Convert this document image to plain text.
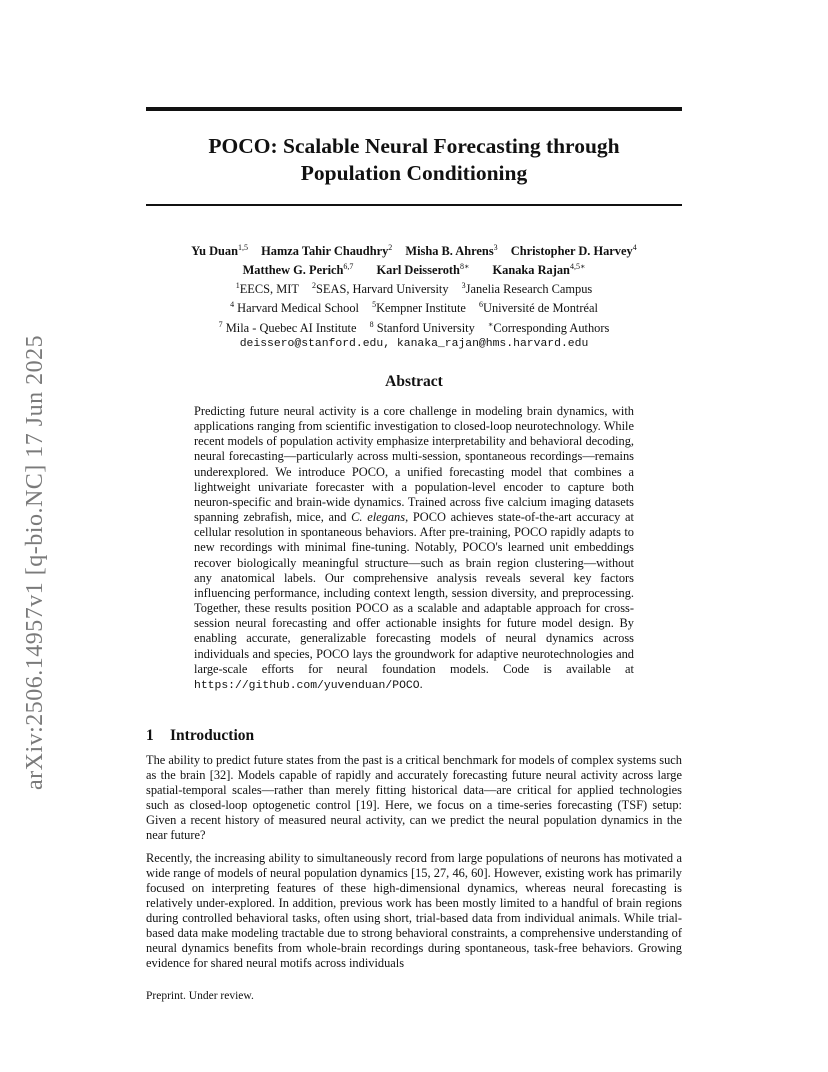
arXiv:2506.14957v1 [q-bio.NC] 17 Jun 2025
POCO: Scalable Neural Forecasting through
Population Conditioning
Yu Duan$^{1,5}$ Hamza Tahir Chaudhry$^2$ Misha B. Ahrens$^3$ Christopher D. Harvey$^4$
Matthew G. Perich$^{6,7}$ Karl Deisseroth$^{8∗}$ Kanaka Rajan$^{4,5∗}$
$^1$EECS, MIT $^2$SEAS, Harvard University $^3$Janelia Research Campus
$^4$ Harvard Medical School $^5$Kempner Institute $^6$Université de Montréal
$^7$ Mila - Quebec AI Institute $^8$ Stanford University ∗Corresponding Authors
deissero@stanford.edu, kanaka_rajan@hms.harvard.edu
Abstract
Predicting future neural activity is a core challenge in modeling brain dynamics, with applications ranging from scientific investigation to closed-loop neurotechnology. While recent models of population activity emphasize interpretability and behavioral decoding, neural forecasting—particularly across multi-session, spontaneous recordings—remains underexplored. We introduce POCO, a unified forecasting model that combines a lightweight univariate forecaster with a population-level encoder to capture both neuron-specific and brain-wide dynamics. Trained across five calcium imaging datasets spanning zebrafish, mice, and C. elegans, POCO achieves state-of-the-art accuracy at cellular resolution in spontaneous behaviors. After pre-training, POCO rapidly adapts to new recordings with minimal fine-tuning. Notably, POCO's learned unit embeddings recover biologically meaningful structure—such as brain region clustering—without any anatomical labels. Our comprehensive analysis reveals several key factors influencing performance, including context length, session diversity, and preprocessing. Together, these results position POCO as a scalable and adaptable approach for cross-session neural forecasting and offer actionable insights for future model design. By enabling accurate, generalizable forecasting models of neural dynamics across individuals and species, POCO lays the groundwork for adaptive neurotechnologies and large-scale efforts for neural foundation models. Code is available at https://github.com/yuvenduan/POCO.
1 Introduction

The ability to predict future states from the past is a critical benchmark for models of complex systems such as the brain [32]. Models capable of rapidly and accurately forecasting future neural activity across large spatial-temporal scales—rather than merely fitting historical data—are critical for applied technologies such as closed-loop optogenetic control [19]. Here, we focus on a time-series forecasting (TSF) setup: Given a recent history of measured neural activity, can we predict the neural population dynamics in the near future?

Recently, the increasing ability to simultaneously record from large populations of neurons has motivated a wide range of models of neural population dynamics [15, 27, 46, 60]. However, existing work has primarily focused on interpreting features of these high-dimensional dynamics, whereas neural forecasting is relatively under-explored. In addition, previous work has been mostly limited to a handful of brain regions during controlled behavioral tasks, often using short, trial-based data from individual animals. While trial-based data make modeling tractable due to strong behavioral constraints, a comprehensive understanding of neural dynamics benefits from whole-brain recordings during spontaneous, task-free behaviors. Growing evidence for shared neural motifs across individuals

Preprint. Under review.
